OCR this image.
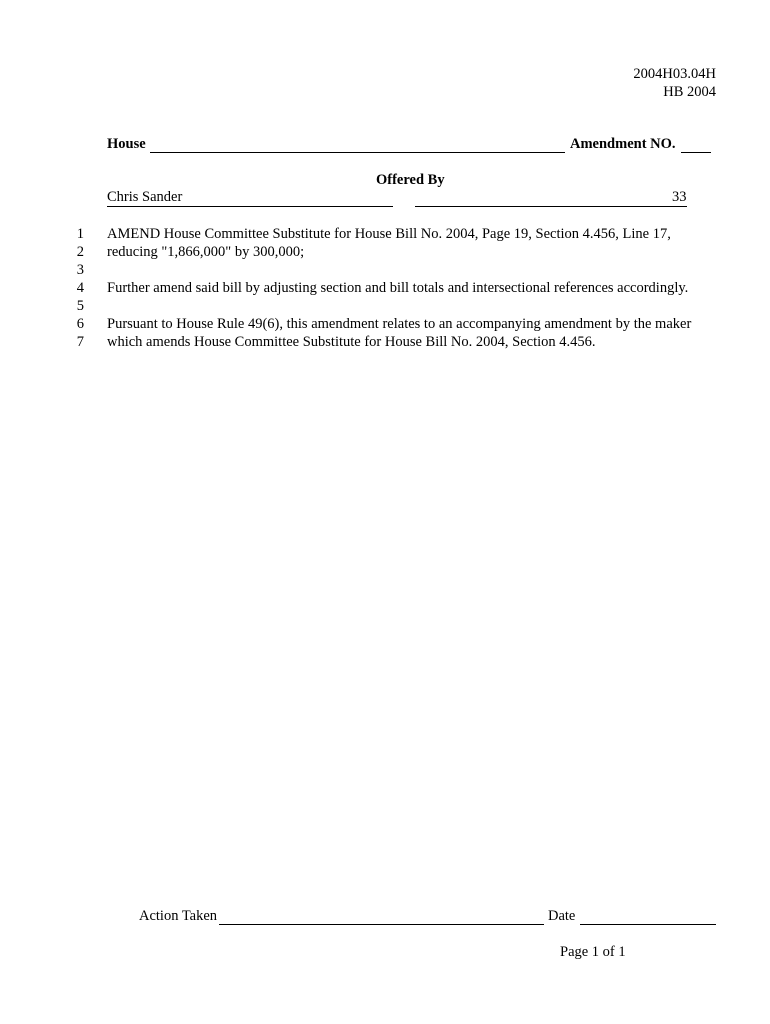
2004H03.04H
HB 2004
House	Amendment NO.
Offered By
Chris Sander	33
1 AMEND House Committee Substitute for House Bill No. 2004, Page 19, Section 4.456, Line 17,
2 reducing "1,866,000" by 300,000;
3
4 Further amend said bill by adjusting section and bill totals and intersectional references accordingly.
5
6 Pursuant to House Rule 49(6), this amendment relates to an accompanying amendment by the maker
7 which amends House Committee Substitute for House Bill No. 2004, Section 4.456.
Action Taken	Date
Page 1 of 1
